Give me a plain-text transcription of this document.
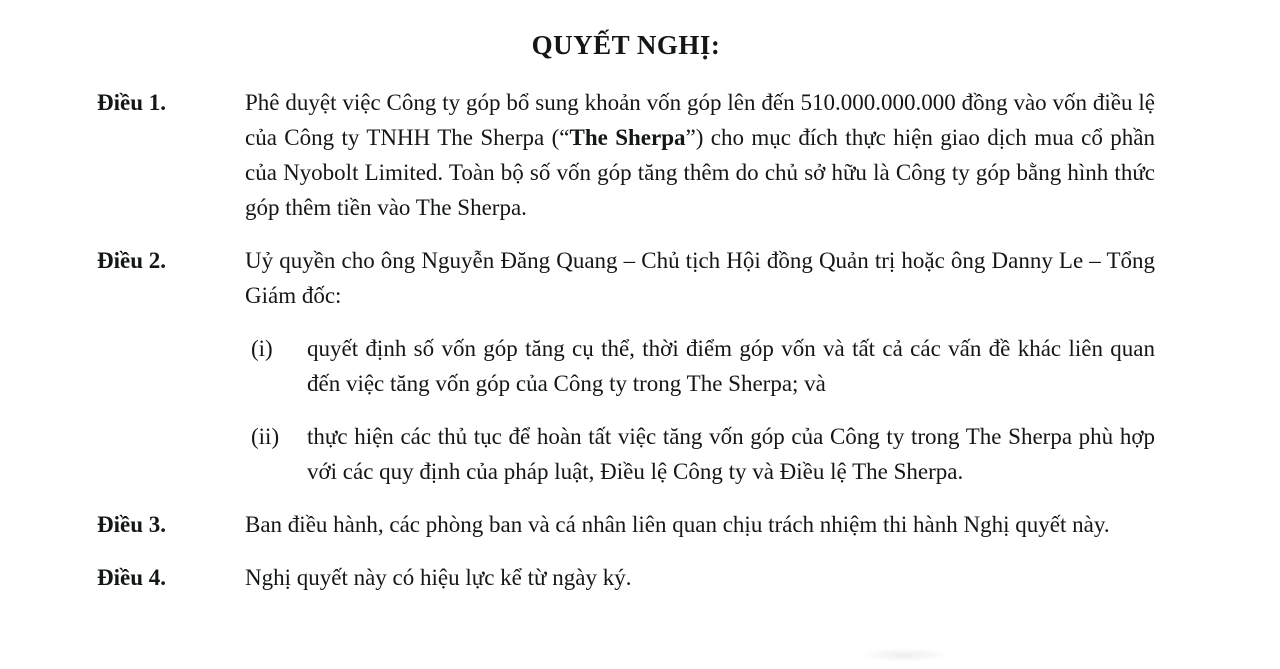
QUYẾT NGHỊ:
Điều 1.	Phê duyệt việc Công ty góp bổ sung khoản vốn góp lên đến 510.000.000.000 đồng vào vốn điều lệ của Công ty TNHH The Sherpa (“The Sherpa”) cho mục đích thực hiện giao dịch mua cổ phần của Nyobolt Limited. Toàn bộ số vốn góp tăng thêm do chủ sở hữu là Công ty góp bằng hình thức góp thêm tiền vào The Sherpa.
Điều 2.	Uỷ quyền cho ông Nguyễn Đăng Quang – Chủ tịch Hội đồng Quản trị hoặc ông Danny Le – Tổng Giám đốc:
(i)	quyết định số vốn góp tăng cụ thể, thời điểm góp vốn và tất cả các vấn đề khác liên quan đến việc tăng vốn góp của Công ty trong The Sherpa; và
(ii)	thực hiện các thủ tục để hoàn tất việc tăng vốn góp của Công ty trong The Sherpa phù hợp với các quy định của pháp luật, Điều lệ Công ty và Điều lệ The Sherpa.
Điều 3.	Ban điều hành, các phòng ban và cá nhân liên quan chịu trách nhiệm thi hành Nghị quyết này.
Điều 4.	Nghị quyết này có hiệu lực kể từ ngày ký.
